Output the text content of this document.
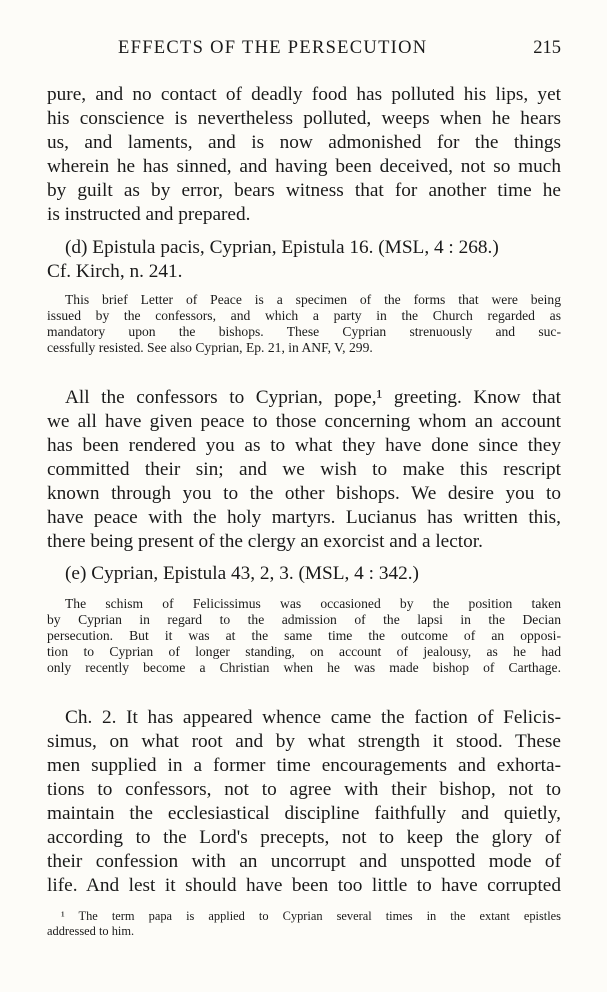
EFFECTS OF THE PERSECUTION	215
pure, and no contact of deadly food has polluted his lips, yet
his conscience is nevertheless polluted, weeps when he hears
us, and laments, and is now admonished for the things
wherein he has sinned, and having been deceived, not so much
by guilt as by error, bears witness that for another time he
is instructed and prepared.
(d) Epistula pacis, Cyprian, Epistula 16. (MSL, 4 : 268.)
Cf. Kirch, n. 241.
This brief Letter of Peace is a specimen of the forms that were being
issued by the confessors, and which a party in the Church regarded as
mandatory upon the bishops. These Cyprian strenuously and suc-
cessfully resisted. See also Cyprian, Ep. 21, in ANF, V, 299.
All the confessors to Cyprian, pope,¹ greeting. Know that
we all have given peace to those concerning whom an account
has been rendered you as to what they have done since they
committed their sin; and we wish to make this rescript
known through you to the other bishops. We desire you to
have peace with the holy martyrs. Lucianus has written this,
there being present of the clergy an exorcist and a lector.
(e) Cyprian, Epistula 43, 2, 3. (MSL, 4 : 342.)
The schism of Felicissimus was occasioned by the position taken
by Cyprian in regard to the admission of the lapsi in the Decian
persecution. But it was at the same time the outcome of an opposi-
tion to Cyprian of longer standing, on account of jealousy, as he had
only recently become a Christian when he was made bishop of Carthage.
Ch. 2. It has appeared whence came the faction of Felicis-
simus, on what root and by what strength it stood. These
men supplied in a former time encouragements and exhorta-
tions to confessors, not to agree with their bishop, not to
maintain the ecclesiastical discipline faithfully and quietly,
according to the Lord's precepts, not to keep the glory of
their confession with an uncorrupt and unspotted mode of
life. And lest it should have been too little to have corrupted
¹ The term papa is applied to Cyprian several times in the extant epistles
addressed to him.
